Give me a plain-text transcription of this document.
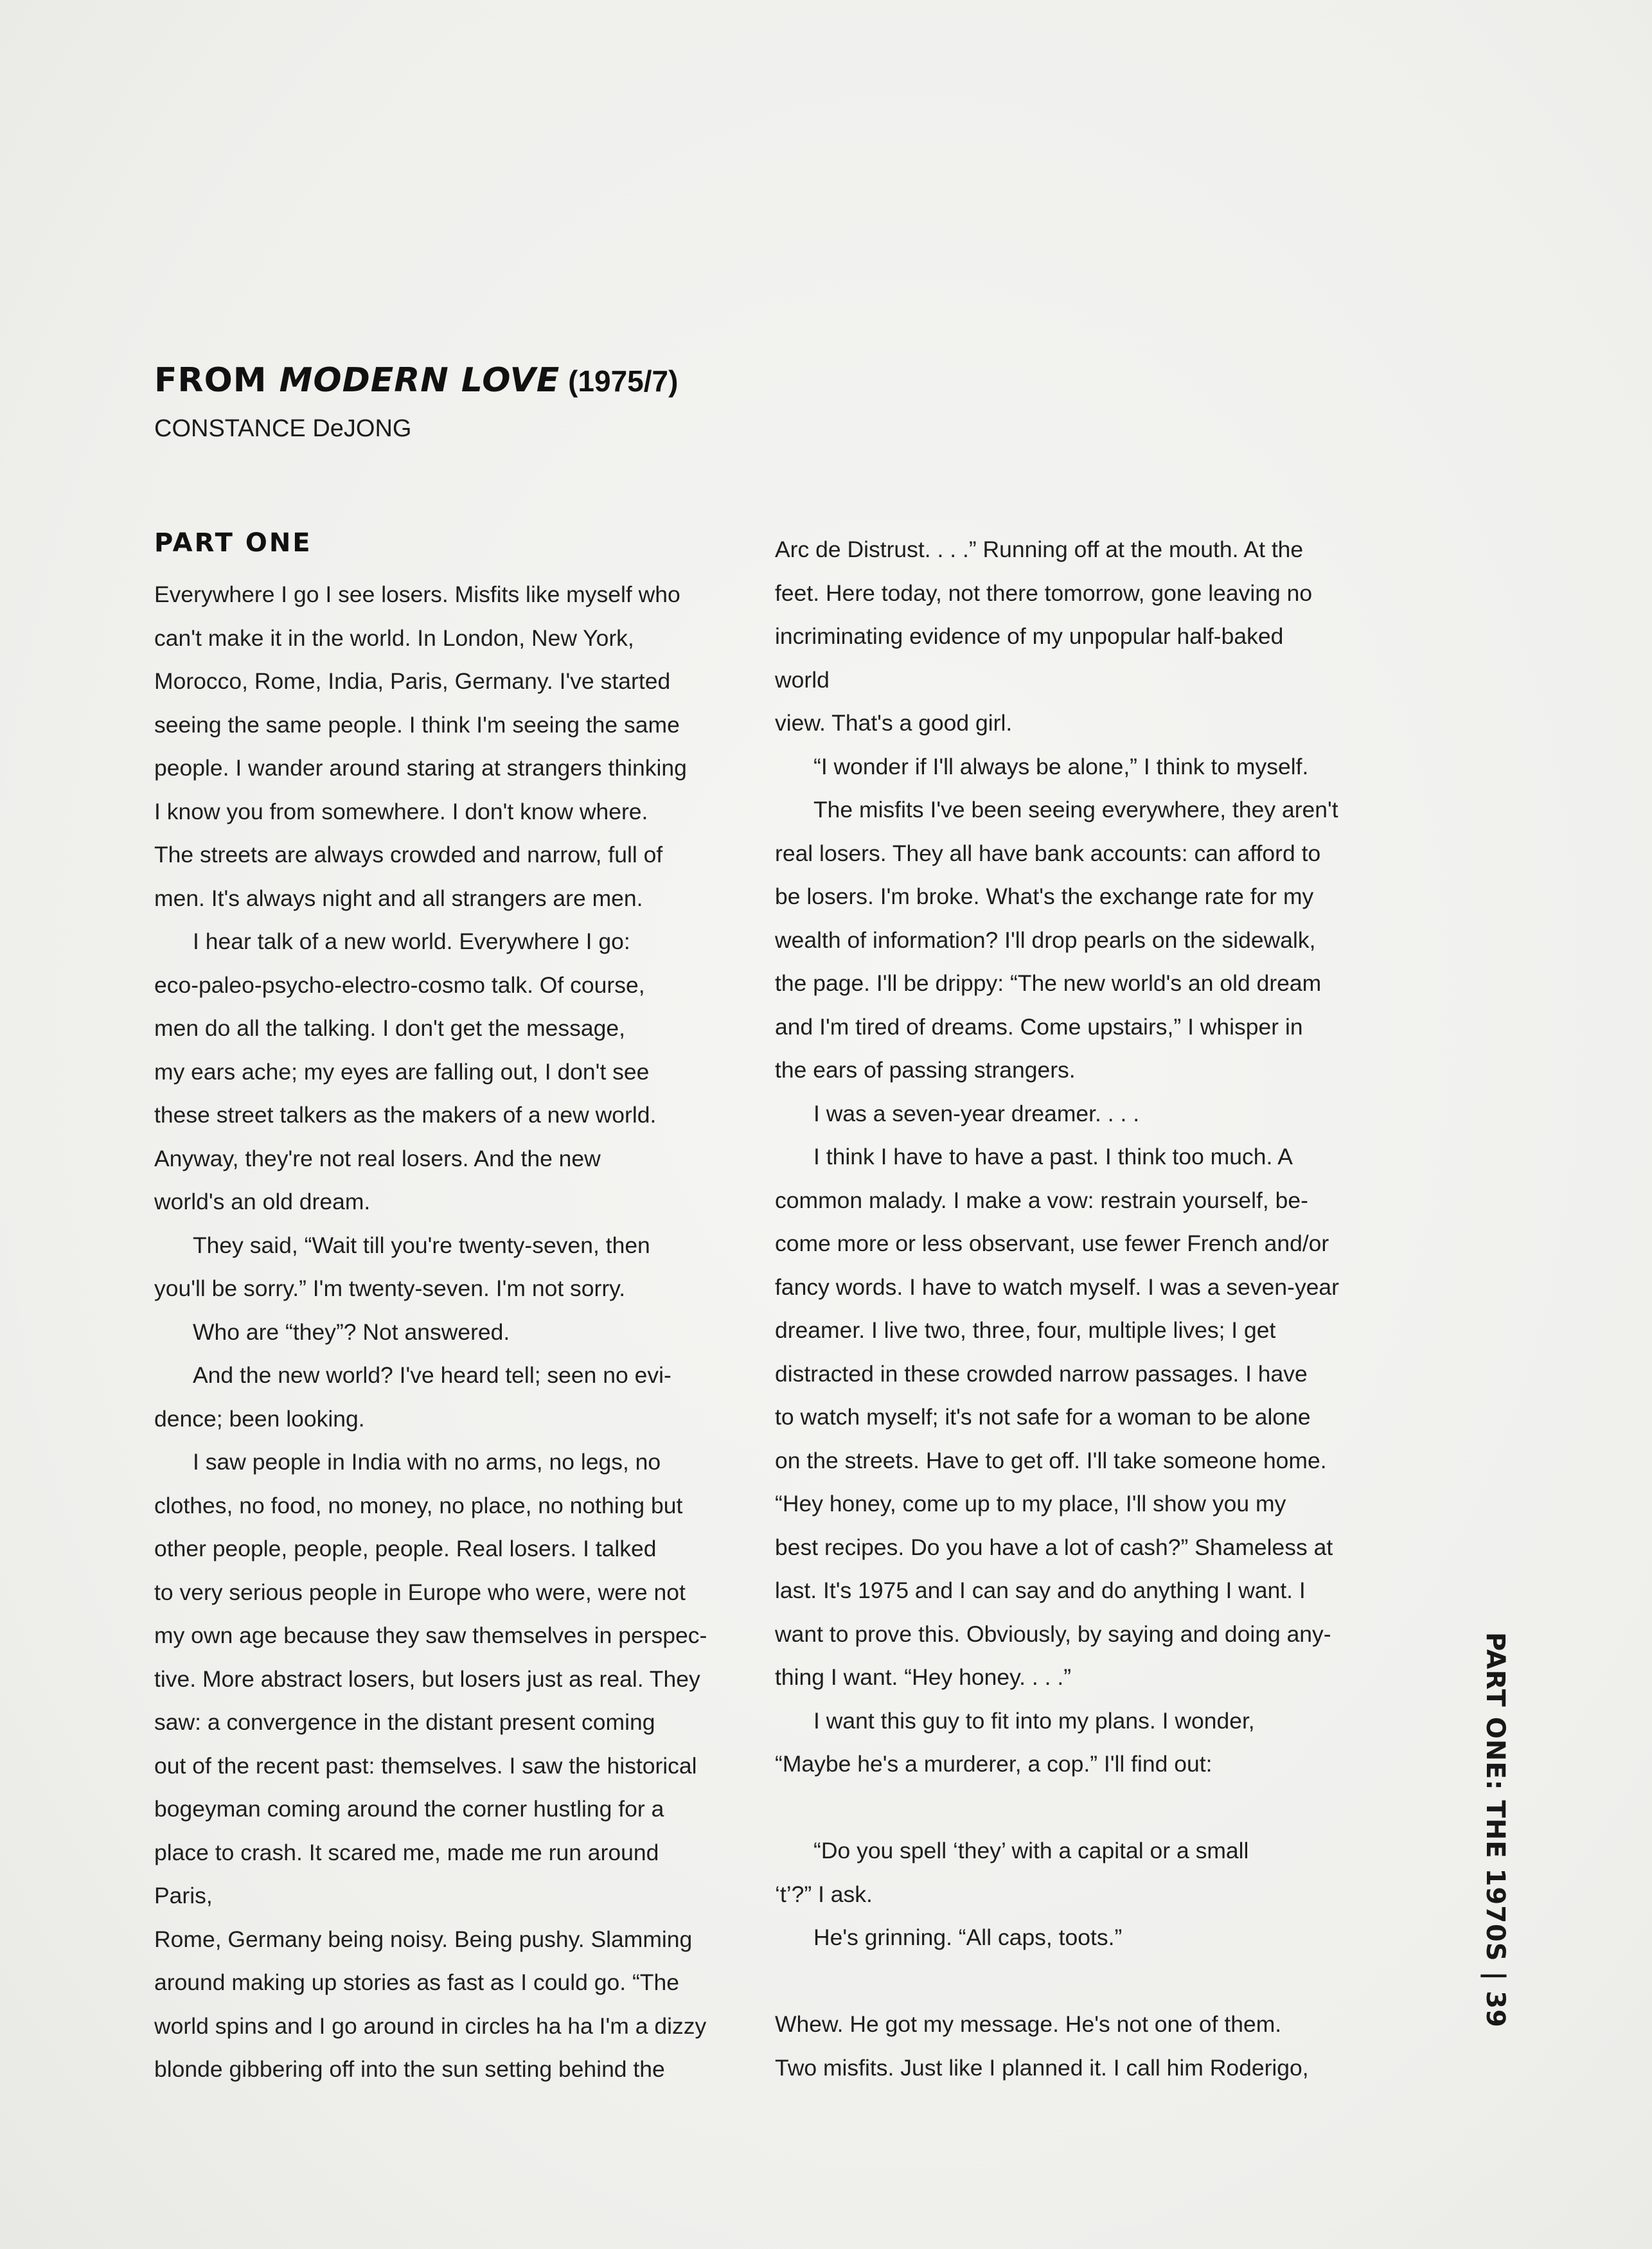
FROM MODERN LOVE (1975/7)
CONSTANCE DeJONG
PART ONE

Everywhere I go I see losers. Misfits like myself who
can't make it in the world. In London, New York,
Morocco, Rome, India, Paris, Germany. I've started
seeing the same people. I think I'm seeing the same
people. I wander around staring at strangers thinking
I know you from somewhere. I don't know where.
The streets are always crowded and narrow, full of
men. It's always night and all strangers are men.

I hear talk of a new world. Everywhere I go:
eco-paleo-psycho-electro-cosmo talk. Of course,
men do all the talking. I don't get the message,
my ears ache; my eyes are falling out, I don't see
these street talkers as the makers of a new world.
Anyway, they're not real losers. And the new
world's an old dream.

They said, “Wait till you're twenty-seven, then
you'll be sorry.” I'm twenty-seven. I'm not sorry.

Who are “they”? Not answered.

And the new world? I've heard tell; seen no evi-
dence; been looking.

I saw people in India with no arms, no legs, no
clothes, no food, no money, no place, no nothing but
other people, people, people. Real losers. I talked
to very serious people in Europe who were, were not
my own age because they saw themselves in perspec-
tive. More abstract losers, but losers just as real. They
saw: a convergence in the distant present coming
out of the recent past: themselves. I saw the historical
bogeyman coming around the corner hustling for a
place to crash. It scared me, made me run around Paris,
Rome, Germany being noisy. Being pushy. Slamming
around making up stories as fast as I could go. “The
world spins and I go around in circles ha ha I'm a dizzy
blonde gibbering off into the sun setting behind the

Arc de Distrust. . . .” Running off at the mouth. At the
feet. Here today, not there tomorrow, gone leaving no
incriminating evidence of my unpopular half-baked world
view. That's a good girl.

“I wonder if I'll always be alone,” I think to myself.

The misfits I've been seeing everywhere, they aren't
real losers. They all have bank accounts: can afford to
be losers. I'm broke. What's the exchange rate for my
wealth of information? I'll drop pearls on the sidewalk,
the page. I'll be drippy: “The new world's an old dream
and I'm tired of dreams. Come upstairs,” I whisper in
the ears of passing strangers.

I was a seven-year dreamer. . . .

I think I have to have a past. I think too much. A
common malady. I make a vow: restrain yourself, be-
come more or less observant, use fewer French and/or
fancy words. I have to watch myself. I was a seven-year
dreamer. I live two, three, four, multiple lives; I get
distracted in these crowded narrow passages. I have
to watch myself; it's not safe for a woman to be alone
on the streets. Have to get off. I'll take someone home.
“Hey honey, come up to my place, I'll show you my
best recipes. Do you have a lot of cash?” Shameless at
last. It's 1975 and I can say and do anything I want. I
want to prove this. Obviously, by saying and doing any-
thing I want. “Hey honey. . . .”

I want this guy to fit into my plans. I wonder,
“Maybe he's a murderer, a cop.” I'll find out:

“Do you spell ‘they’ with a capital or a small
‘t’?” I ask.

He's grinning. “All caps, toots.”

Whew. He got my message. He's not one of them.
Two misfits. Just like I planned it. I call him Roderigo,

PART ONE: THE 1970S | 39
